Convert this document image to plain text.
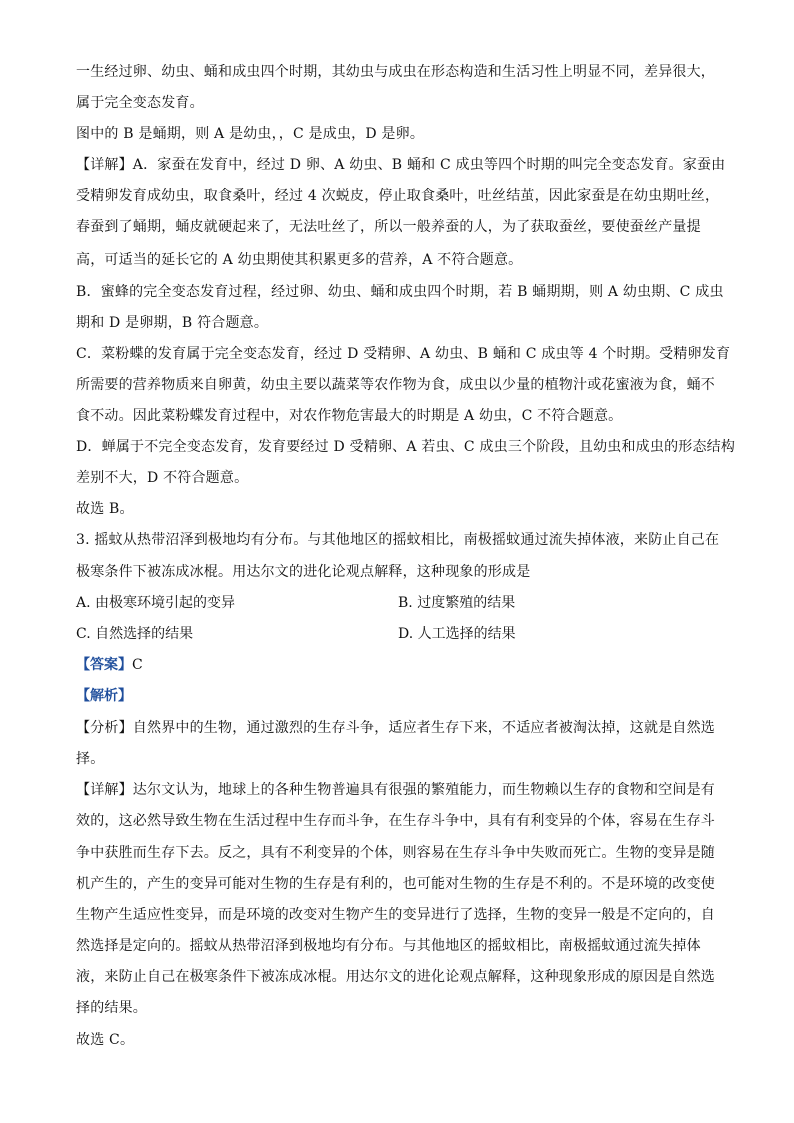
一生经过卵、幼虫、蛹和成虫四个时期，其幼虫与成虫在形态构造和生活习性上明显不同，差异很大，
属于完全变态发育。
图中的 B 是蛹期，则 A 是幼虫，，C 是成虫，D 是卵。
【详解】A．家蚕在发育中，经过 D 卵、A 幼虫、B 蛹和 C 成虫等四个时期的叫完全变态发育。家蚕由
受精卵发育成幼虫，取食桑叶，经过 4 次蜕皮，停止取食桑叶，吐丝结茧，因此家蚕是在幼虫期吐丝，
春蚕到了蛹期，蛹皮就硬起来了，无法吐丝了，所以一般养蚕的人，为了获取蚕丝，要使蚕丝产量提
高，可适当的延长它的 A 幼虫期使其积累更多的营养，A 不符合题意。
B．蜜蜂的完全变态发育过程，经过卵、幼虫、蛹和成虫四个时期，若 B 蛹期期，则 A 幼虫期、C 成虫
期和 D 是卵期，B 符合题意。
C．菜粉蝶的发育属于完全变态发育，经过 D 受精卵、A 幼虫、B 蛹和 C 成虫等 4 个时期。受精卵发育
所需要的营养物质来自卵黄，幼虫主要以蔬菜等农作物为食，成虫以少量的植物汁或花蜜液为食，蛹不
食不动。因此菜粉蝶发育过程中，对农作物危害最大的时期是 A 幼虫，C 不符合题意。
D．蝉属于不完全变态发育，发育要经过 D 受精卵、A 若虫、C 成虫三个阶段，且幼虫和成虫的形态结构
差别不大，D 不符合题意。
故选 B。
3. 摇蚊从热带沼泽到极地均有分布。与其他地区的摇蚊相比，南极摇蚊通过流失掉体液，来防止自己在
极寒条件下被冻成冰棍。用达尔文的进化论观点解释，这种现象的形成是
A. 由极寒环境引起的变异	B. 过度繁殖的结果
C. 自然选择的结果	D. 人工选择的结果
【答案】C
【解析】
【分析】自然界中的生物，通过激烈的生存斗争，适应者生存下来，不适应者被淘汰掉，这就是自然选
择。
【详解】达尔文认为，地球上的各种生物普遍具有很强的繁殖能力，而生物赖以生存的食物和空间是有
效的，这必然导致生物在生活过程中生存而斗争，在生存斗争中，具有有利变异的个体，容易在生存斗
争中获胜而生存下去。反之，具有不利变异的个体，则容易在生存斗争中失败而死亡。生物的变异是随
机产生的，产生的变异可能对生物的生存是有利的，也可能对生物的生存是不利的。不是环境的改变使
生物产生适应性变异，而是环境的改变对生物产生的变异进行了选择，生物的变异一般是不定向的，自
然选择是定向的。摇蚊从热带沼泽到极地均有分布。与其他地区的摇蚊相比，南极摇蚊通过流失掉体
液，来防止自己在极寒条件下被冻成冰棍。用达尔文的进化论观点解释，这种现象形成的原因是自然选
择的结果。
故选 C。
